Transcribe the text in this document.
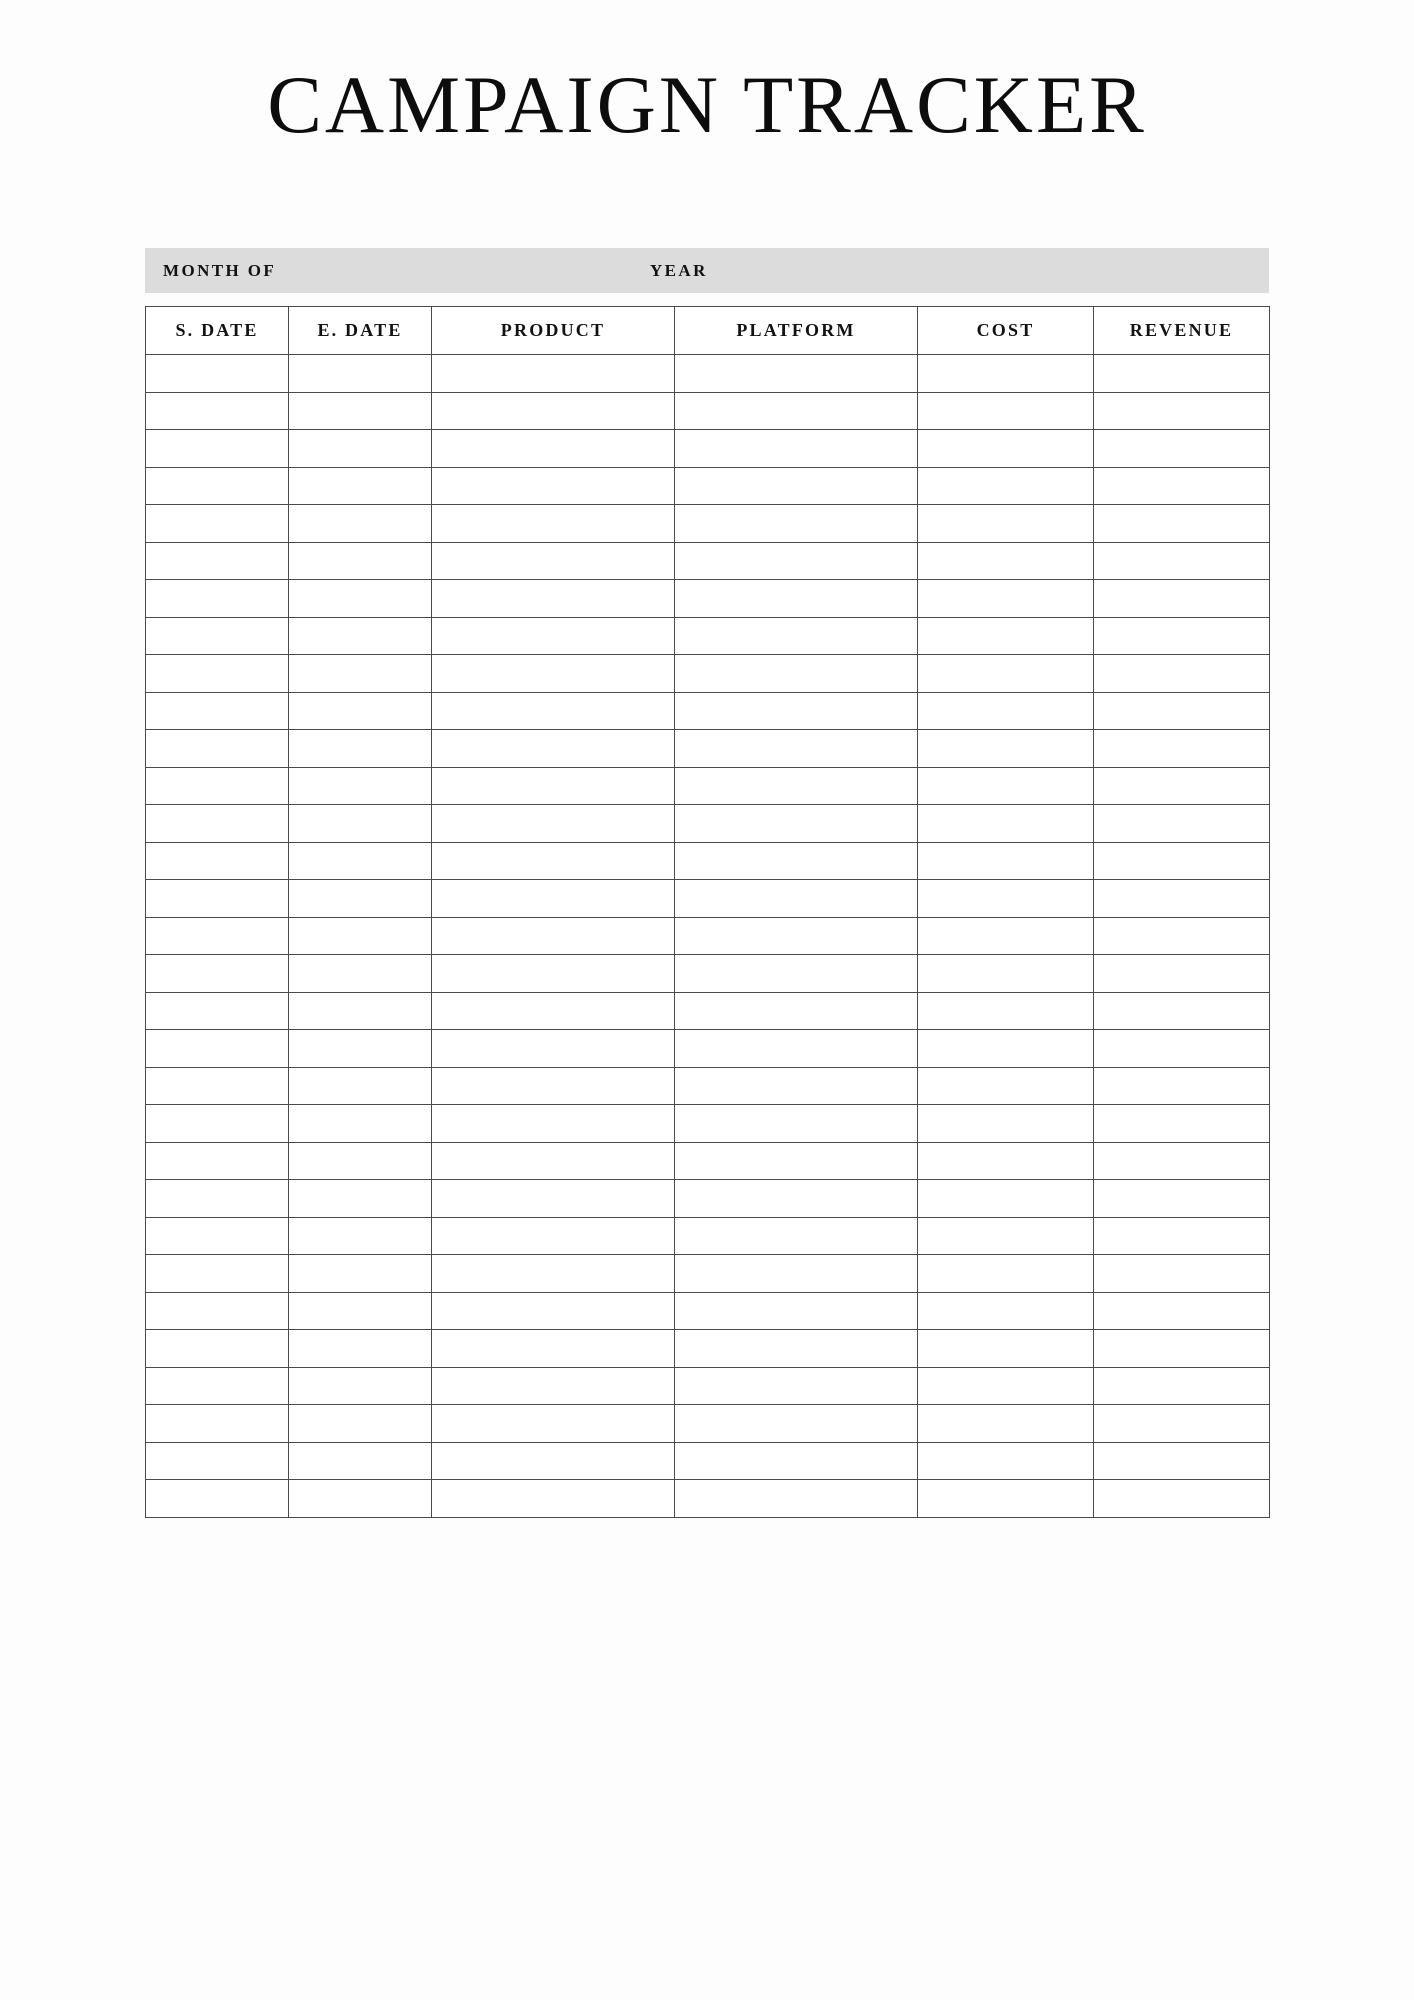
CAMPAIGN TRACKER
MONTH OF	YEAR
S. DATE	E. DATE	PRODUCT	PLATFORM	COST	REVENUE
